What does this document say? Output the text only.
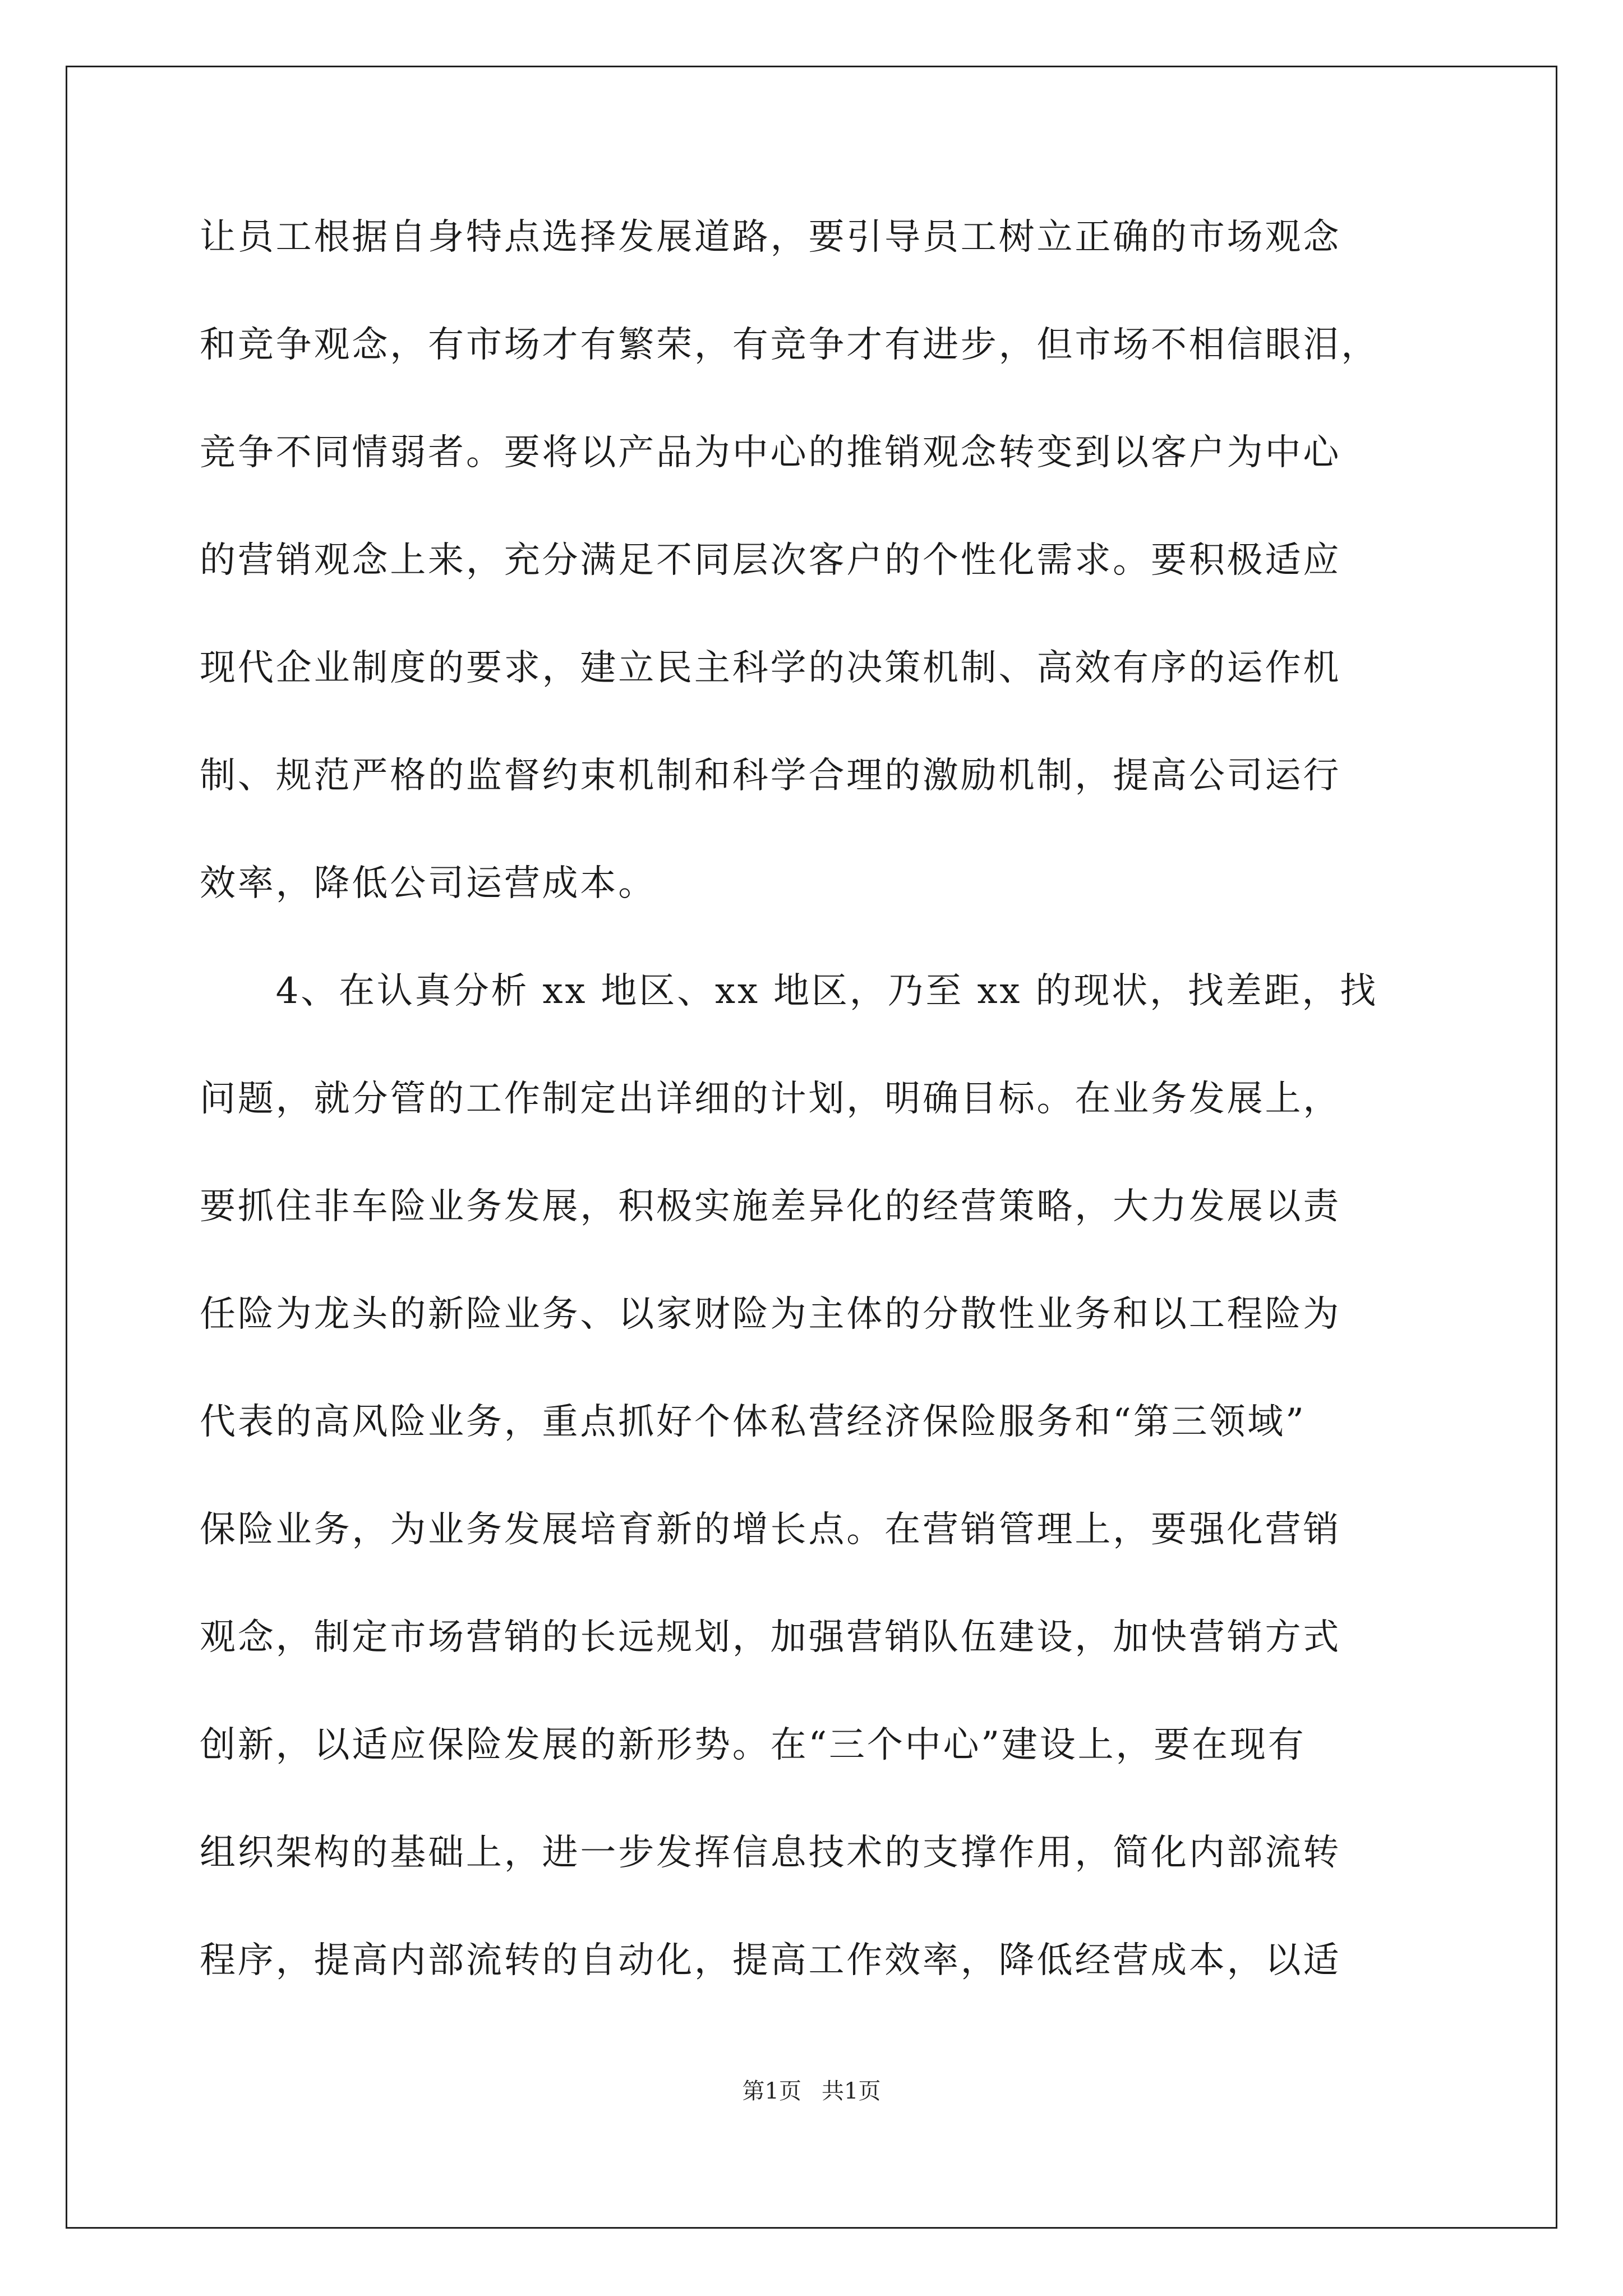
让员工根据自身特点选择发展道路，要引导员工树立正确的市场观念
和竞争观念，有市场才有繁荣，有竞争才有进步，但市场不相信眼泪，
竞争不同情弱者。要将以产品为中心的推销观念转变到以客户为中心
的营销观念上来，充分满足不同层次客户的个性化需求。要积极适应
现代企业制度的要求，建立民主科学的决策机制、高效有序的运作机
制、规范严格的监督约束机制和科学合理的激励机制，提高公司运行
效率，降低公司运营成本。
　　4、在认真分析 xx 地区、xx 地区，乃至 xx 的现状，找差距，找
问题，就分管的工作制定出详细的计划，明确目标。在业务发展上，
要抓住非车险业务发展，积极实施差异化的经营策略，大力发展以责
任险为龙头的新险业务、以家财险为主体的分散性业务和以工程险为
代表的高风险业务，重点抓好个体私营经济保险服务和“第三领域”
保险业务，为业务发展培育新的增长点。在营销管理上，要强化营销
观念，制定市场营销的长远规划，加强营销队伍建设，加快营销方式
创新，以适应保险发展的新形势。在“三个中心”建设上，要在现有
组织架构的基础上，进一步发挥信息技术的支撑作用，简化内部流转
程序，提高内部流转的自动化，提高工作效率，降低经营成本，以适
第1页 共1页
